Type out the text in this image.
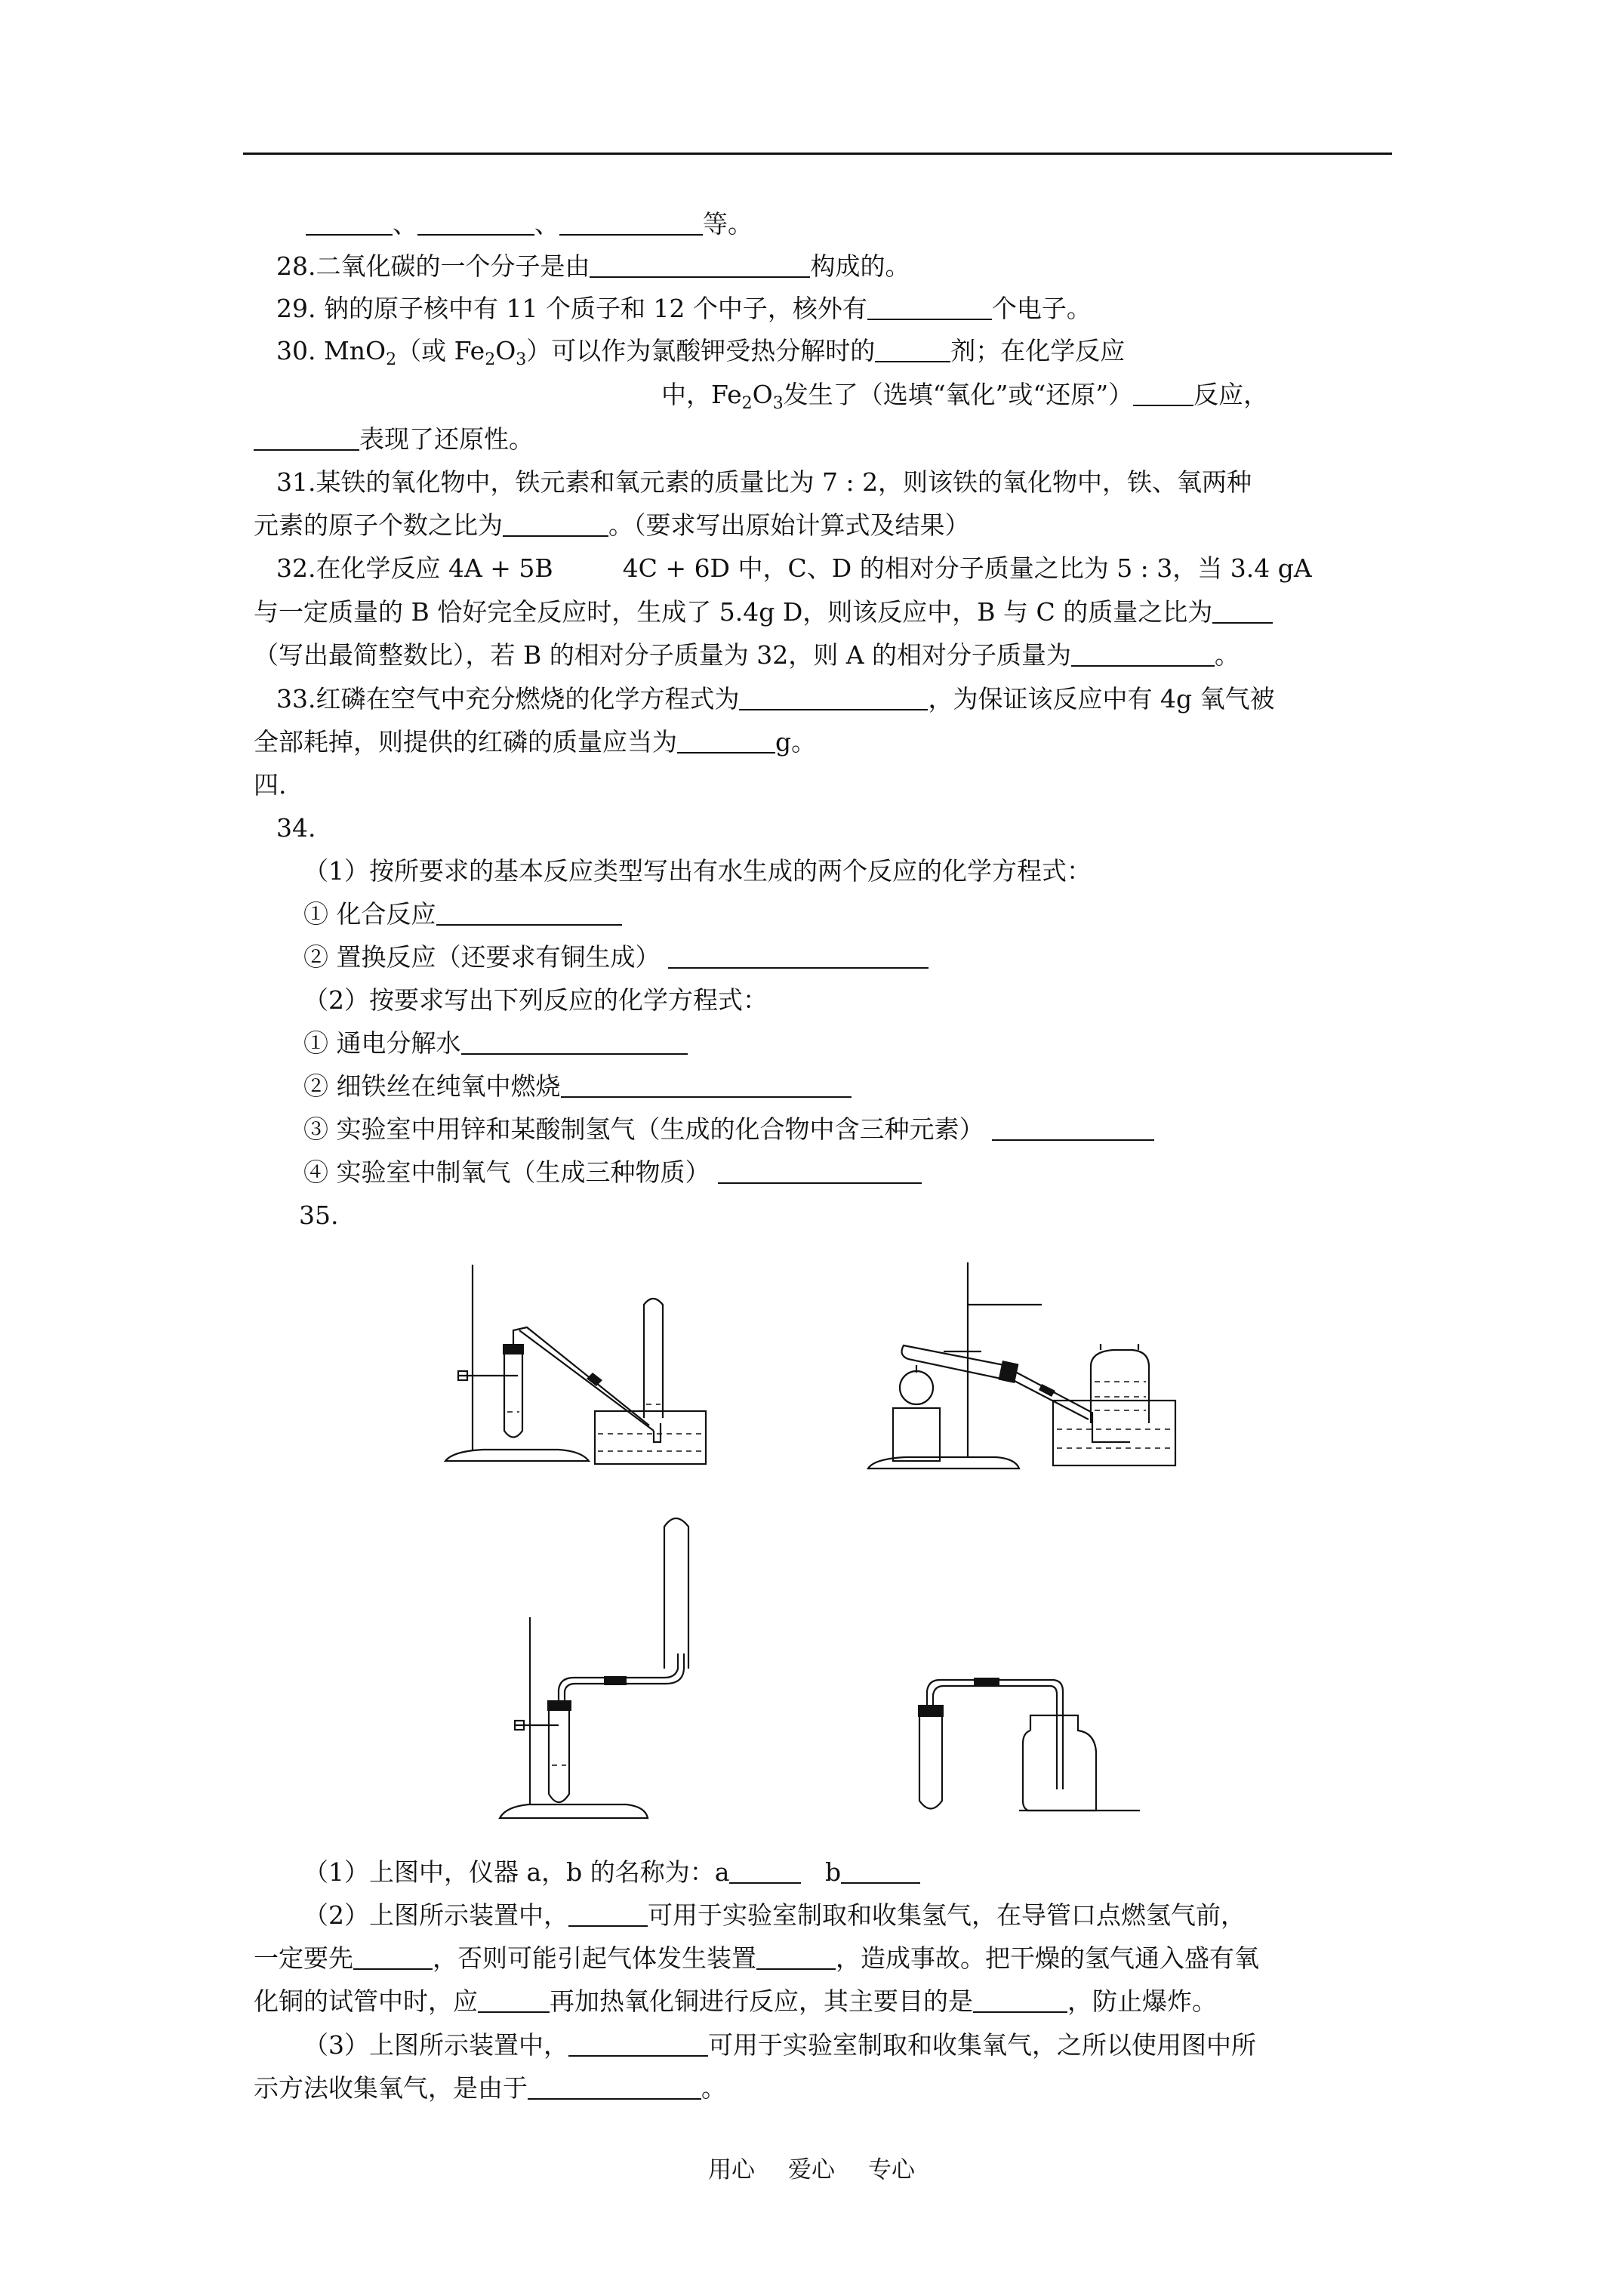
、	、	等。
28.二氧化碳的一个分子是由	构成的。
29. 钠的原子核中有 11 个质子和 12 个中子，核外有	个电子。
30. MnO$_2$（或 $Fe_2O_3$）可以作为氯酸钾受热分解时的	剂；在化学反应
中，$Fe_2O_3$发生了（选填“氧化”或“还原”） 反应，
表现了还原性。
31.某铁的氧化物中，铁元素和氧元素的质量比为 7 : 2，则该铁的氧化物中，铁、氧两种
元素的原子个数之比为	。（要求写出原始计算式及结果）
32.在化学反应 4A + 5B	4C + 6D 中，C、D 的相对分子质量之比为 5 : 3，当 3.4 gA
与一定质量的 B 恰好完全反应时，生成了 5.4g D，则该反应中，B 与 C 的质量之比为
（写出最简整数比），若 B 的相对分子质量为 32，则 A 的相对分子质量为	。
33.红磷在空气中充分燃烧的化学方程式为	，为保证该反应中有 4g 氧气被
全部耗掉，则提供的红磷的质量应当为	g。
四.
34.
（1）按所要求的基本反应类型写出有水生成的两个反应的化学方程式：
① 化合反应
② 置换反应（还要求有铜生成）
（2）按要求写出下列反应的化学方程式：
① 通电分解水
② 细铁丝在纯氧中燃烧
③ 实验室中用锌和某酸制氢气（生成的化合物中含三种元素）
④ 实验室中制氧气（生成三种物质）
35.
（1）上图中，仪器 a，b 的名称为：a	b
（2）上图所示装置中，	可用于实验室制取和收集氢气，在导管口点燃氢气前，
一定要先	，否则可能引起气体发生装置	，造成事故。把干燥的氢气通入盛有氧
化铜的试管中时，应	再加热氧化铜进行反应，其主要目的是	，防止爆炸。
（3）上图所示装置中，	可用于实验室制取和收集氧气，之所以使用图中所
示方法收集氧气，是由于	。
用心 爱心 专心
